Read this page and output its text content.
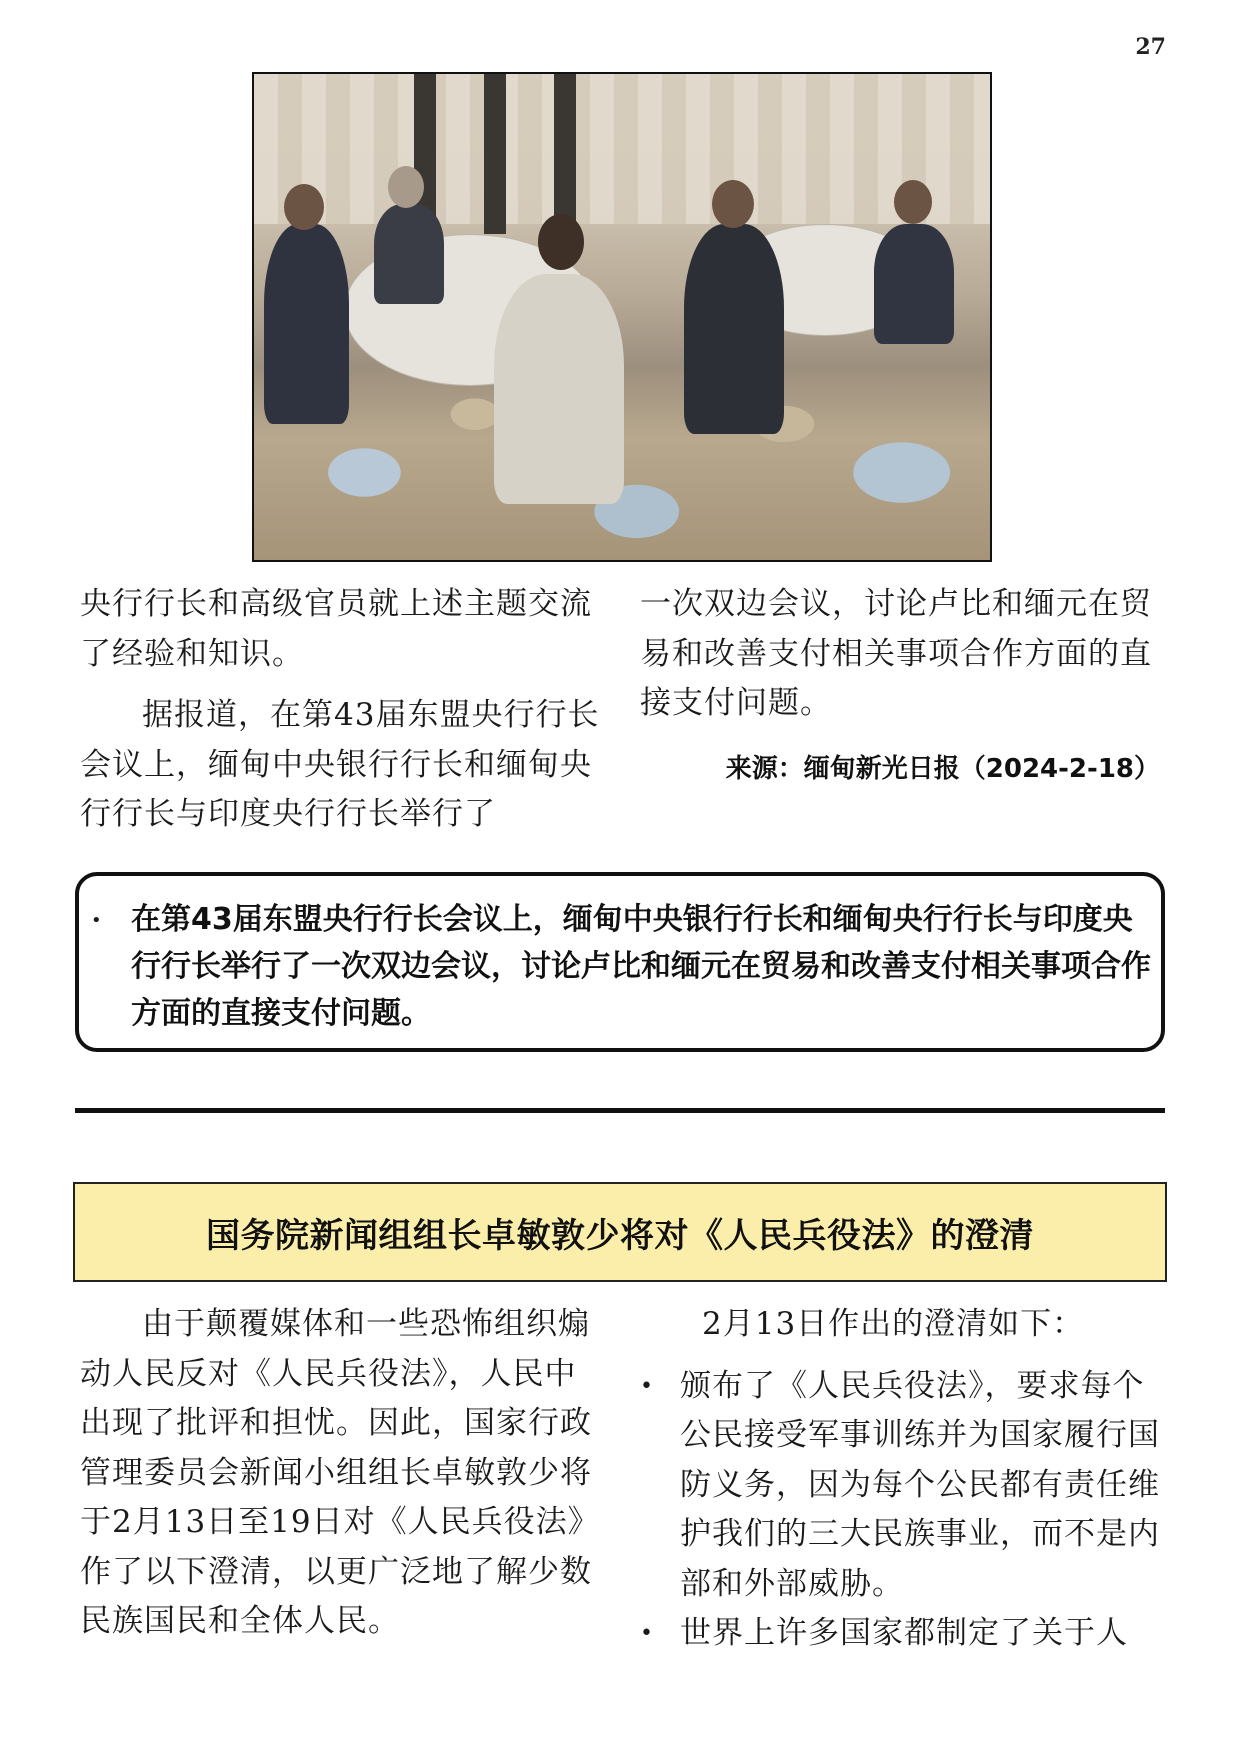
27

央行行长和高级官员就上述主题交流了经验和知识。

据报道，在第43届东盟央行行长会议上，缅甸中央银行行长和缅甸央行行长与印度央行行长举行了

一次双边会议，讨论卢比和缅元在贸易和改善支付相关事项合作方面的直接支付问题。

来源：缅甸新光日报（2024-2-18）
• 在第43届东盟央行行长会议上，缅甸中央银行行长和缅甸央行行长与印度央行行长举行了一次双边会议，讨论卢比和缅元在贸易和改善支付相关事项合作方面的直接支付问题。
国务院新闻组组长卓敏敦少将对《人民兵役法》的澄清

由于颠覆媒体和一些恐怖组织煽动人民反对《人民兵役法》，人民中出现了批评和担忧。因此，国家行政管理委员会新闻小组组长卓敏敦少将于2月13日至19日对《人民兵役法》作了以下澄清，以更广泛地了解少数民族国民和全体人民。

2月13日作出的澄清如下：

• 颁布了《人民兵役法》，要求每个公民接受军事训练并为国家履行国防义务，因为每个公民都有责任维护我们的三大民族事业，而不是内部和外部威胁。
• 世界上许多国家都制定了关于人
